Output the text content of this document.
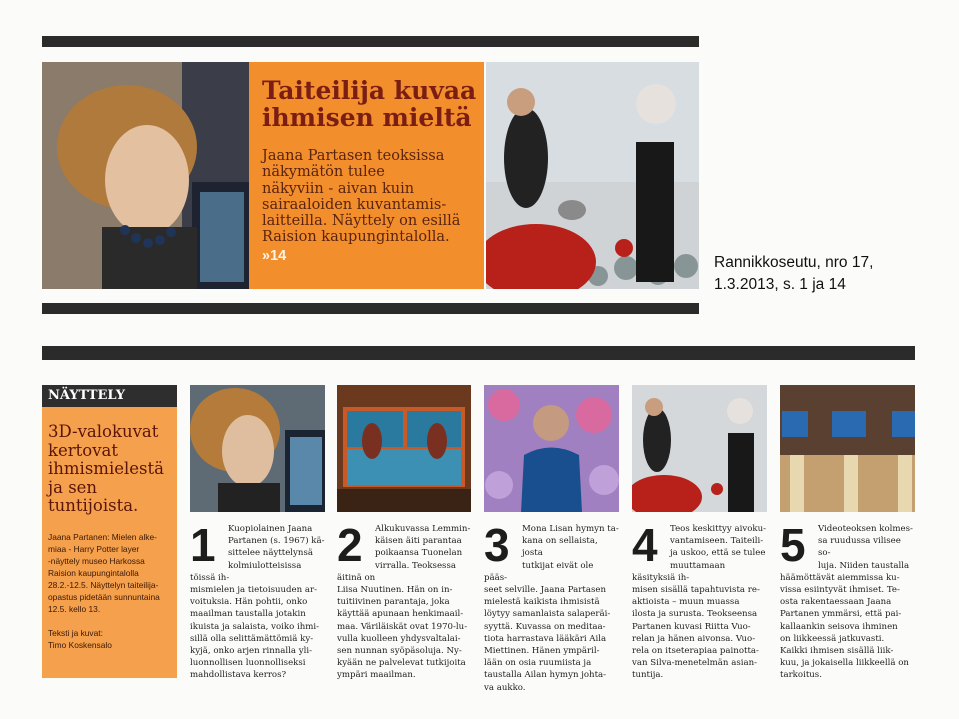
Taiteilija kuvaa
ihmisen mieltä
Jaana Partasen teoksissa
näkymätön tulee
näkyviin - aivan kuin
sairaaloiden kuvantamis-
laitteilla. Näyttely on esillä
Raision kaupungintalolla.
»14	Rannikkoseutu, nro 17,
1.3.2013, s. 1 ja 14
NÄYTTELY
3D-valokuvat
kertovat
ihmismielestä
ja sen
tuntijoista.
Jaana Partanen: Mielen alke-
miaa - Harry Potter layer
-näyttely museo Harkossa
Raision kaupungintalolla
28.2.-12.5. Näyttelyn taiteilija-
opastus pidetään sunnuntaina
12.5. kello 13.
Teksti ja kuvat:
Timo Koskensalo
1	Kuopiolainen Jaana
Partanen (s. 1967) kä-
sittelee näyttelynsä
kolmiulotteisissa töissä ih-
mismielen ja tietoisuuden ar-
voituksia. Hän pohtii, onko
maailman taustalla jotakin
ikuista ja salaista, voiko ihmi-
sillä olla selittämättömiä ky-
kyjä, onko arjen rinnalla yli-
luonnollisen luonnolliseksi
mahdollistava kerros?
2	Alkukuvassa Lemmin-
käisen äiti parantaa
poikaansa Tuonelan
virralla. Teoksessa äitinä on
Liisa Nuutinen. Hän on in-
tuitiivinen parantaja, joka
käyttää apunaan henkimaail-
maa. Väriläiskät ovat 1970-lu-
vulla kuolleen yhdysvaltalai-
sen nunnan syöpäsoluja. Ny-
kyään ne palvelevat tutkijoita
ympäri maailman.
3	Mona Lisan hymyn ta-
kana on sellaista, josta
tutkijat eivät ole pääs-
seet selville. Jaana Partasen
mielestä kaikista ihmisistä
löytyy samanlaista salaperäi-
syyttä. Kuvassa on meditaa-
tiota harrastava lääkäri Aila
Miettinen. Hänen ympäril-
lään on osia ruumiista ja
taustalla Ailan hymyn johta-
va aukko.
4	Teos keskittyy aivoku-
vantamiseen. Taiteili-
ja uskoo, että se tulee
muuttamaan käsityksiä ih-
misen sisällä tapahtuvista re-
aktioista – muun muassa
ilosta ja surusta. Teokseensa
Partanen kuvasi Riitta Vuo-
relan ja hänen aivonsa. Vuo-
rela on itseterapiaa painotta-
van Silva-menetelmän asian-
tuntija.
5	Videoteoksen kolmes-
sa ruudussa vilisee so-
luja. Niiden taustalla
häämöttävät aiemmissa ku-
vissa esiintyvät ihmiset. Te-
osta rakentaessaan Jaana
Partanen ymmärsi, että pai-
kallaankin seisova ihminen
on liikkeessä jatkuvasti.
Kaikki ihmisen sisällä liik-
kuu, ja jokaisella liikkeellä on
tarkoitus.
